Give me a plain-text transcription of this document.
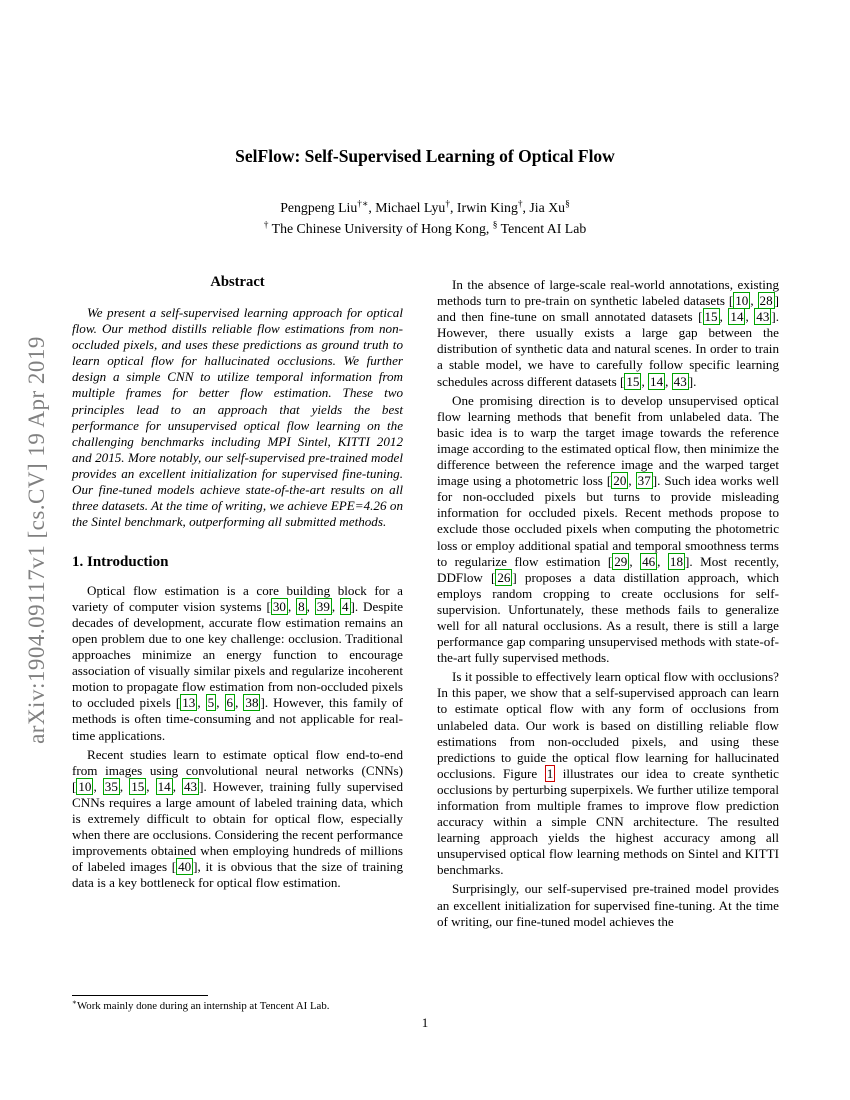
arXiv:1904.09117v1 [cs.CV] 19 Apr 2019
SelFlow: Self-Supervised Learning of Optical Flow
Pengpeng Liu†∗, Michael Lyu†, Irwin King†, Jia Xu§
† The Chinese University of Hong Kong, § Tencent AI Lab
Abstract
We present a self-supervised learning approach for optical flow. Our method distills reliable flow estimations from non-occluded pixels, and uses these predictions as ground truth to learn optical flow for hallucinated occlusions. We further design a simple CNN to utilize temporal information from multiple frames for better flow estimation. These two principles lead to an approach that yields the best performance for unsupervised optical flow learning on the challenging benchmarks including MPI Sintel, KITTI 2012 and 2015. More notably, our self-supervised pre-trained model provides an excellent initialization for supervised fine-tuning. Our fine-tuned models achieve state-of-the-art results on all three datasets. At the time of writing, we achieve EPE=4.26 on the Sintel benchmark, outperforming all submitted methods.
1. Introduction

Optical flow estimation is a core building block for a variety of computer vision systems [ 30 , 8 , 39 , 4 ]. Despite decades of development, accurate flow estimation remains an open problem due to one key challenge: occlusion. Traditional approaches minimize an energy function to encourage association of visually similar pixels and regularize incoherent motion to propagate flow estimation from non-occluded pixels to occluded pixels [ 13 , 5 , 6 , 38 ]. However, this family of methods is often time-consuming and not applicable for real-time applications.

Recent studies learn to estimate optical flow end-to-end from images using convolutional neural networks (CNNs) [ 10 , 35 , 15 , 14 , 43 ]. However, training fully supervised CNNs requires a large amount of labeled training data, which is extremely difficult to obtain for optical flow, especially when there are occlusions. Considering the recent performance improvements obtained when employing hundreds of millions of labeled images [ 40 ], it is obvious that the size of training data is a key bottleneck for optical flow estimation.

In the absence of large-scale real-world annotations, existing methods turn to pre-train on synthetic labeled datasets [ 10 , 28 ] and then fine-tune on small annotated datasets [ 15 , 14 , 43 ]. However, there usually exists a large gap between the distribution of synthetic data and natural scenes. In order to train a stable model, we have to carefully follow specific learning schedules across different datasets [ 15 , 14 , 43 ].

One promising direction is to develop unsupervised optical flow learning methods that benefit from unlabeled data. The basic idea is to warp the target image towards the reference image according to the estimated optical flow, then minimize the difference between the reference image and the warped target image using a photometric loss [ 20 , 37 ]. Such idea works well for non-occluded pixels but turns to provide misleading information for occluded pixels. Recent methods propose to exclude those occluded pixels when computing the photometric loss or employ additional spatial and temporal smoothness terms to regularize flow estimation [ 29 , 46 , 18 ]. Most recently, DDFlow [ 26 ] proposes a data distillation approach, which employs random cropping to create occlusions for self-supervision. Unfortunately, these methods fails to generalize well for all natural occlusions. As a result, there is still a large performance gap comparing unsupervised methods with state-of-the-art fully supervised methods.

Is it possible to effectively learn optical flow with occlusions? In this paper, we show that a self-supervised approach can learn to estimate optical flow with any form of occlusions from unlabeled data. Our work is based on distilling reliable flow estimations from non-occluded pixels, and using these predictions to guide the optical flow learning for hallucinated occlusions. Figure 1 illustrates our idea to create synthetic occlusions by perturbing superpixels. We further utilize temporal information from multiple frames to improve flow prediction accuracy within a simple CNN architecture. The resulted learning approach yields the highest accuracy among all unsupervised optical flow learning methods on Sintel and KITTI benchmarks.

Surprisingly, our self-supervised pre-trained model provides an excellent initialization for supervised fine-tuning. At the time of writing, our fine-tuned model achieves the

∗Work mainly done during an internship at Tencent AI Lab.
1
